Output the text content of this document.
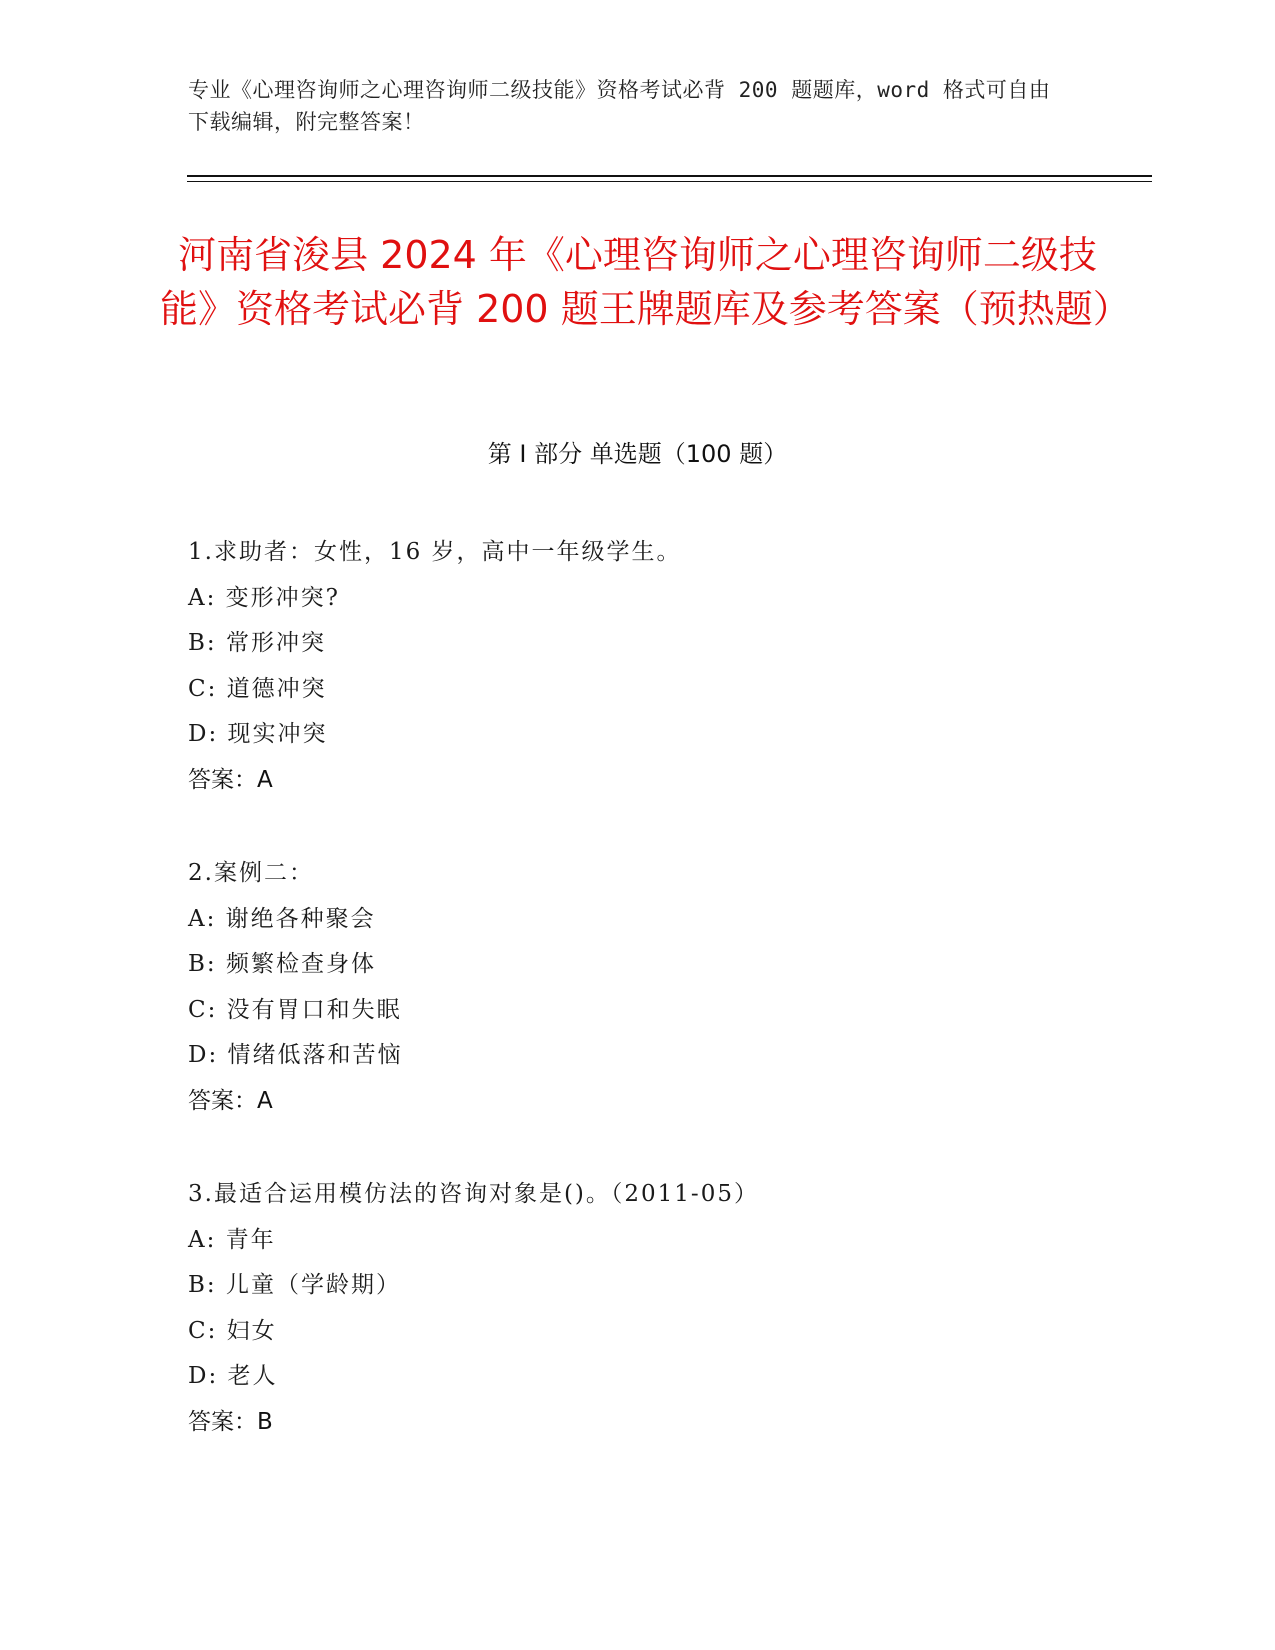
专业《心理咨询师之心理咨询师二级技能》资格考试必背 200 题题库，word 格式可自由下载编辑，附完整答案！
河南省浚县 2024 年《心理咨询师之心理咨询师二级技能》资格考试必背 200 题王牌题库及参考答案（预热题）
第 I 部分 单选题（100 题）
1.求助者：女性，16 岁，高中一年级学生。
A: 变形冲突?
B: 常形冲突
C: 道德冲突
D: 现实冲突
答案：A
2.案例二：
A: 谢绝各种聚会
B: 频繁检查身体
C: 没有胃口和失眠
D: 情绪低落和苦恼
答案：A
3.最适合运用模仿法的咨询对象是()。（2011-05）
A: 青年
B: 儿童（学龄期）
C: 妇女
D: 老人
答案：B
